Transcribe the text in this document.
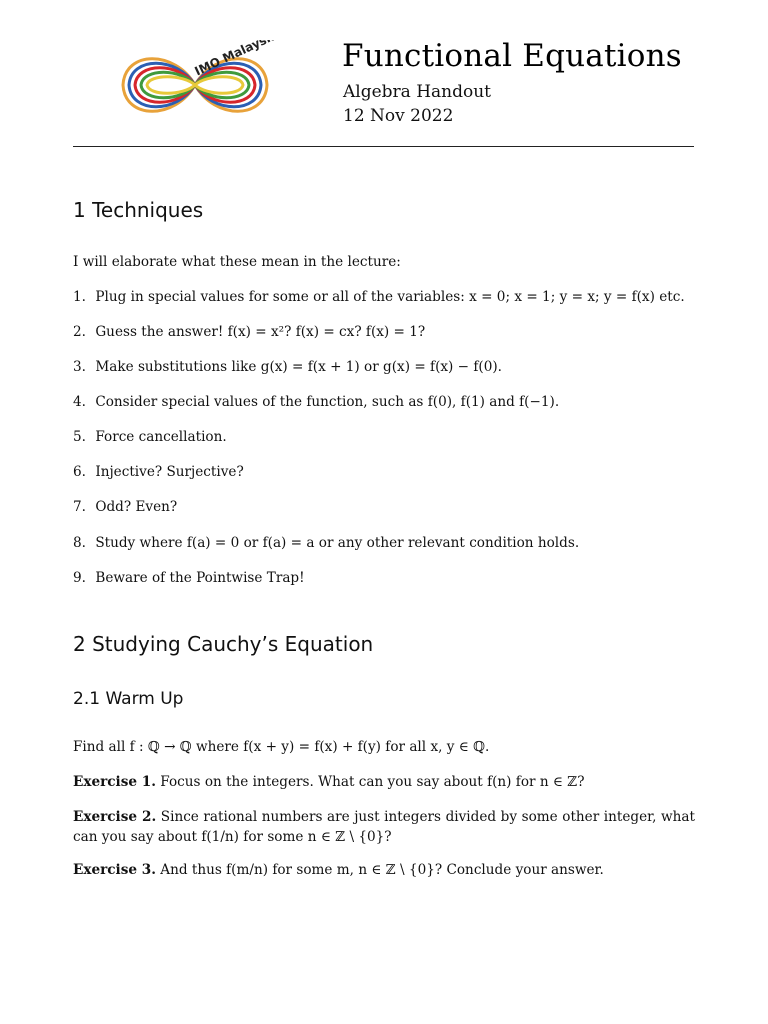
IMO Malaysia Functional Equations
Algebra Handout
12 Nov 2022
1 Techniques
I will elaborate what these mean in the lecture:
1. Plug in special values for some or all of the variables: x = 0; x = 1; y = x; y = f(x) etc.
2. Guess the answer! f(x) = x²? f(x) = cx? f(x) = 1?
3. Make substitutions like g(x) = f(x + 1) or g(x) = f(x) − f(0).
4. Consider special values of the function, such as f(0), f(1) and f(−1).
5. Force cancellation.
6. Injective? Surjective?
7. Odd? Even?
8. Study where f(a) = 0 or f(a) = a or any other relevant condition holds.
9. Beware of the Pointwise Trap!
2 Studying Cauchy’s Equation
2.1 Warm Up
Find all f : ℚ → ℚ where f(x + y) = f(x) + f(y) for all x, y ∈ ℚ.
Exercise 1. Focus on the integers. What can you say about f(n) for n ∈ ℤ?
Exercise 2. Since rational numbers are just integers divided by some other integer, what can you say about f(1/n) for some n ∈ ℤ \ {0}?
Exercise 3. And thus f(m/n) for some m, n ∈ ℤ \ {0}? Conclude your answer.
